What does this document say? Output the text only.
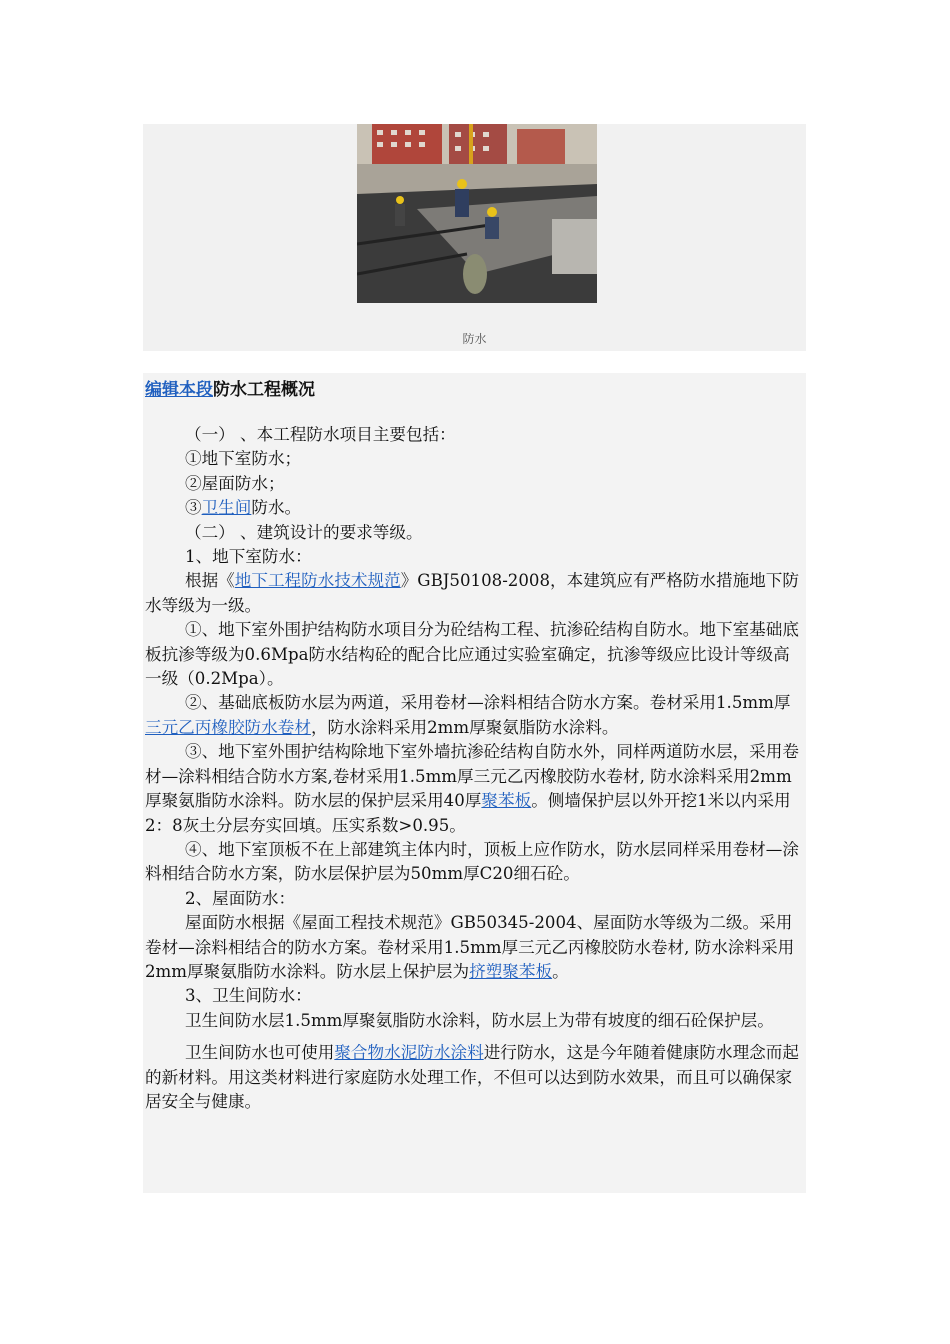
防水
编辑本段防水工程概况

（一） 、本工程防水项目主要包括：

①地下室防水；

②屋面防水；

③卫生间防水。

（二） 、建筑设计的要求等级。

1、地下室防水：

根据《地下工程防水技术规范》GBJ50108-2008，本建筑应有严格防水措施地下防水等级为一级。

①、地下室外围护结构防水项目分为砼结构工程、抗渗砼结构自防水。地下室基础底板抗渗等级为0.6Mpa防水结构砼的配合比应通过实验室确定，抗渗等级应比设计等级高一级（0.2Mpa）。

②、基础底板防水层为两道，采用卷材—涂料相结合防水方案。卷材采用1.5mm厚三元乙丙橡胶防水卷材，防水涂料采用2mm厚聚氨脂防水涂料。

③、地下室外围护结构除地下室外墙抗渗砼结构自防水外，同样两道防水层，采用卷材—涂料相结合防水方案,卷材采用1.5mm厚三元乙丙橡胶防水卷材, 防水涂料采用2mm厚聚氨脂防水涂料。防水层的保护层采用40厚聚苯板。侧墙保护层以外开挖1米以内采用2：8灰土分层夯实回填。压实系数>0.95。

④、地下室顶板不在上部建筑主体内时，顶板上应作防水，防水层同样采用卷材—涂料相结合防水方案，防水层保护层为50mm厚C20细石砼。

2、屋面防水：

屋面防水根据《屋面工程技术规范》GB50345-2004、屋面防水等级为二级。采用卷材—涂料相结合的防水方案。卷材采用1.5mm厚三元乙丙橡胶防水卷材, 防水涂料采用2mm厚聚氨脂防水涂料。防水层上保护层为挤塑聚苯板。

3、卫生间防水：

卫生间防水层1.5mm厚聚氨脂防水涂料，防水层上为带有坡度的细石砼保护层。

卫生间防水也可使用聚合物水泥防水涂料进行防水，这是今年随着健康防水理念而起的新材料。用这类材料进行家庭防水处理工作，不但可以达到防水效果，而且可以确保家居安全与健康。
